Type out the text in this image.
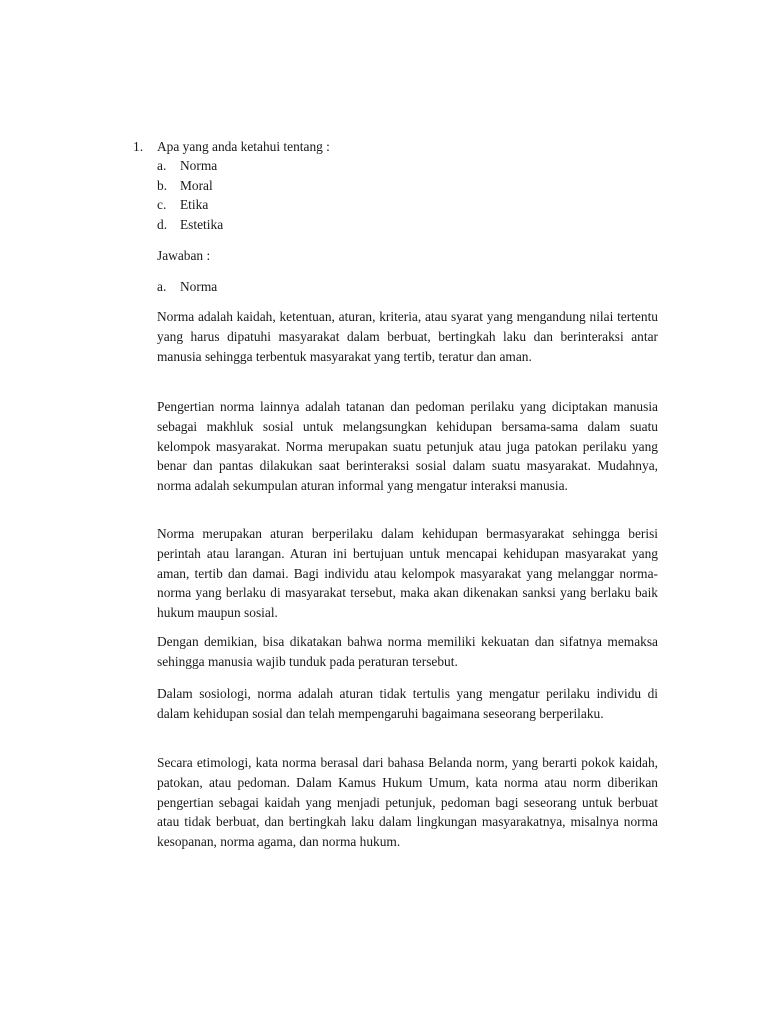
1. Apa yang anda ketahui tentang :
a. Norma
b. Moral
c. Etika
d. Estetika
Jawaban :
a. Norma

Norma adalah kaidah, ketentuan, aturan, kriteria, atau syarat yang mengandung nilai tertentu yang harus dipatuhi masyarakat dalam berbuat, bertingkah laku dan berinteraksi antar manusia sehingga terbentuk masyarakat yang tertib, teratur dan aman.

Pengertian norma lainnya adalah tatanan dan pedoman perilaku yang diciptakan manusia sebagai makhluk sosial untuk melangsungkan kehidupan bersama-sama dalam suatu kelompok masyarakat. Norma merupakan suatu petunjuk atau juga patokan perilaku yang benar dan pantas dilakukan saat berinteraksi sosial dalam suatu masyarakat. Mudahnya, norma adalah sekumpulan aturan informal yang mengatur interaksi manusia.

Norma merupakan aturan berperilaku dalam kehidupan bermasyarakat sehingga berisi perintah atau larangan. Aturan ini bertujuan untuk mencapai kehidupan masyarakat yang aman, tertib dan damai. Bagi individu atau kelompok masyarakat yang melanggar norma-norma yang berlaku di masyarakat tersebut, maka akan dikenakan sanksi yang berlaku baik hukum maupun sosial.

Dengan demikian, bisa dikatakan bahwa norma memiliki kekuatan dan sifatnya memaksa sehingga manusia wajib tunduk pada peraturan tersebut.

Dalam sosiologi, norma adalah aturan tidak tertulis yang mengatur perilaku individu di dalam kehidupan sosial dan telah mempengaruhi bagaimana seseorang berperilaku.

Secara etimologi, kata norma berasal dari bahasa Belanda norm, yang berarti pokok kaidah, patokan, atau pedoman. Dalam Kamus Hukum Umum, kata norma atau norm diberikan pengertian sebagai kaidah yang menjadi petunjuk, pedoman bagi seseorang untuk berbuat atau tidak berbuat, dan bertingkah laku dalam lingkungan masyarakatnya, misalnya norma kesopanan, norma agama, dan norma hukum.
